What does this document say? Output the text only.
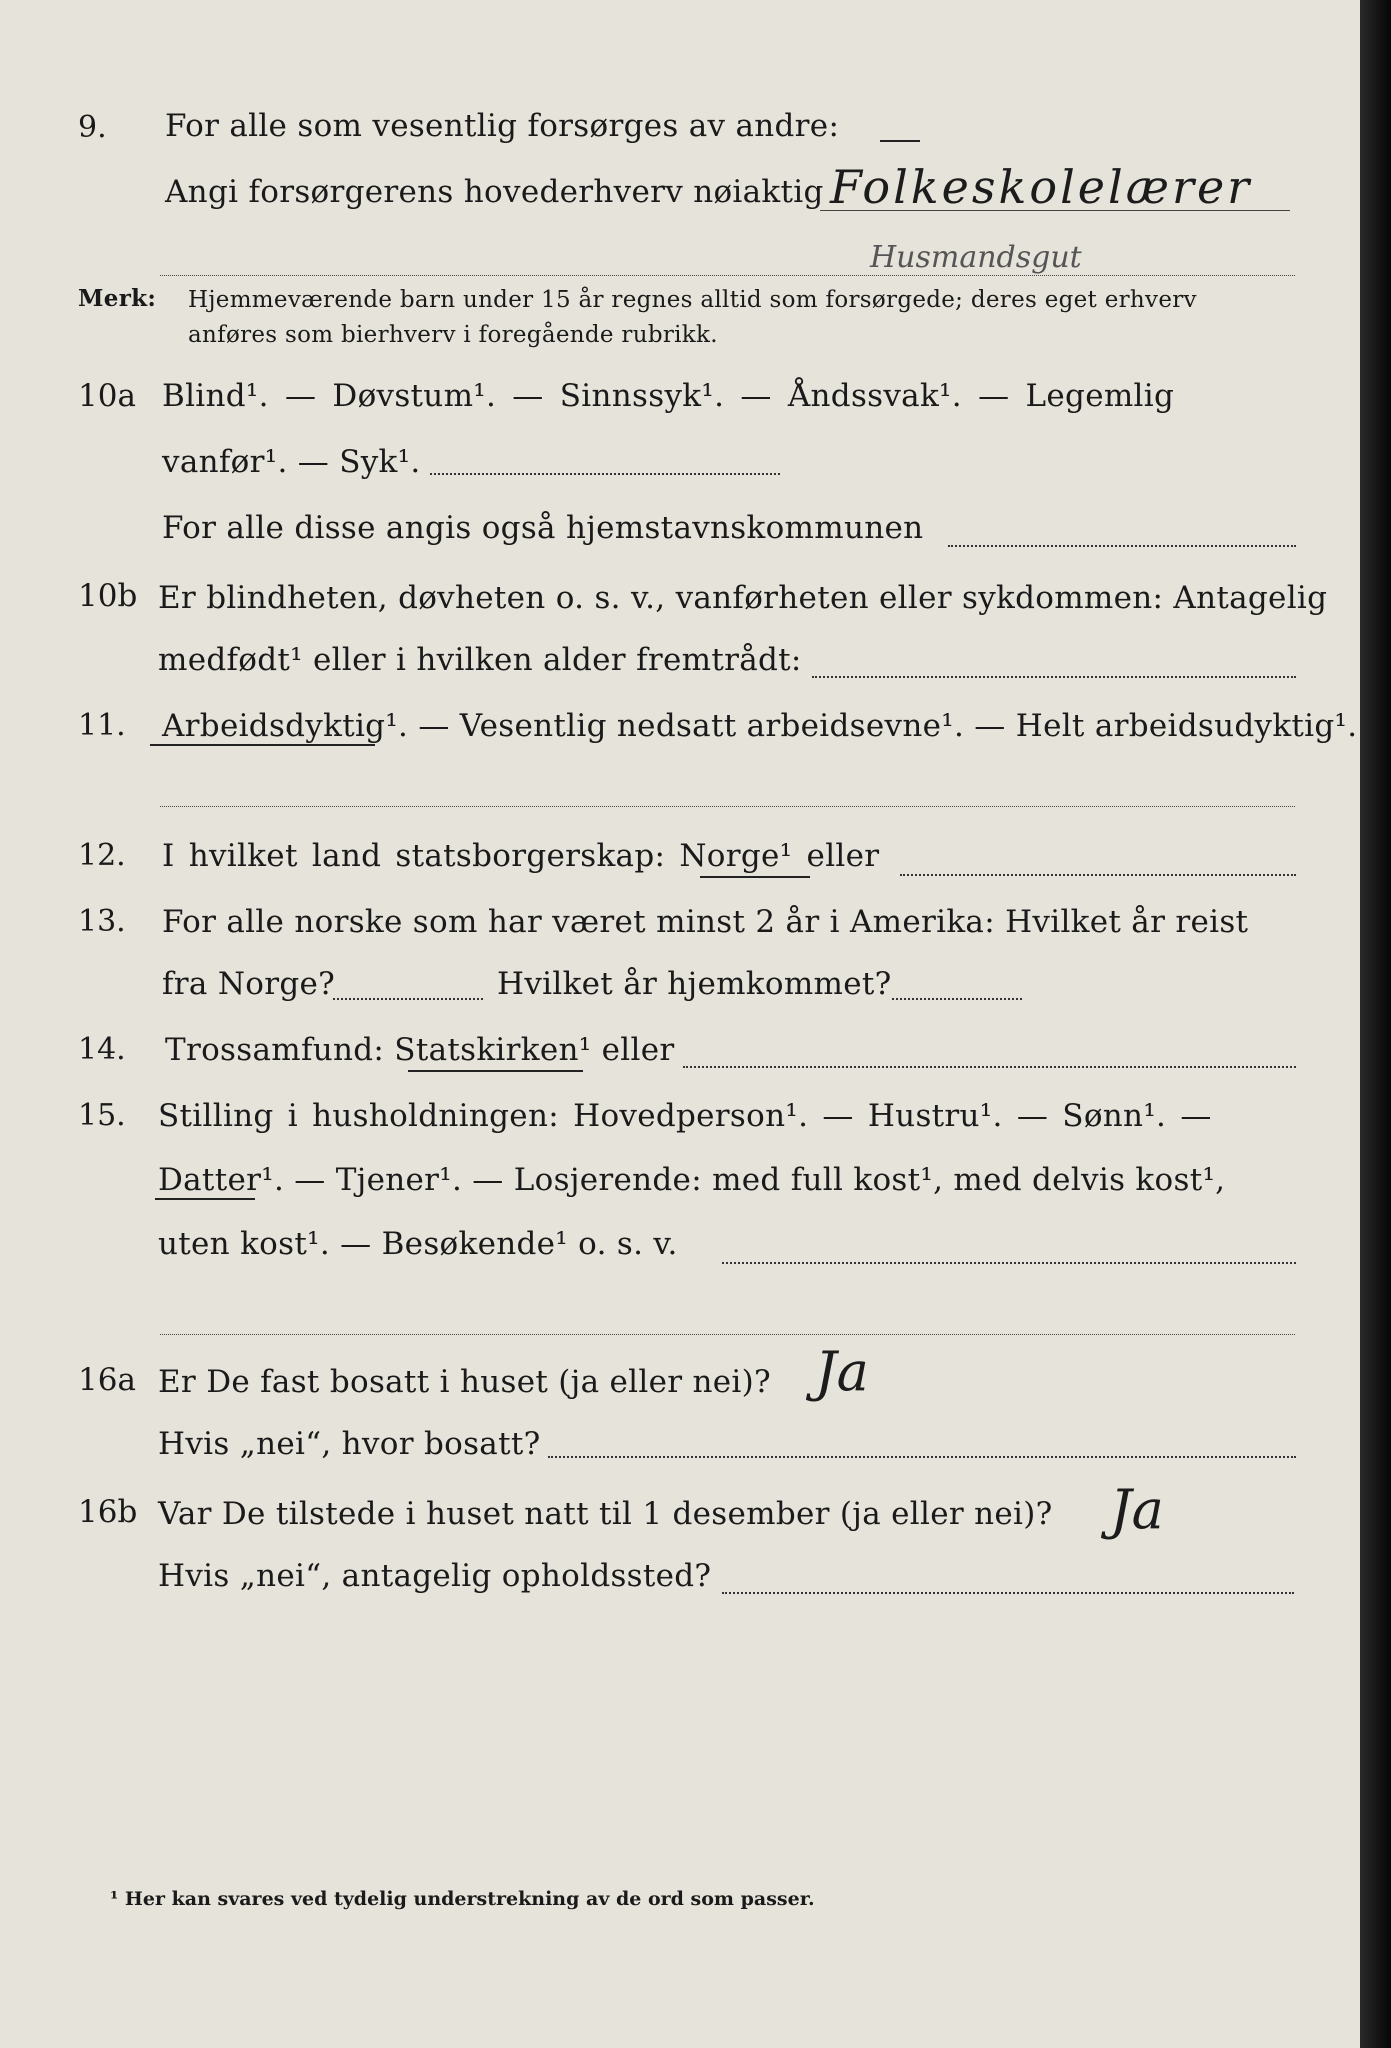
9. For alle som vesentlig forsørges av andre:
Angi forsørgerens hovederhverv nøiaktig Folkeskolelærer
Husmandsgut
Merk: Hjemmeværende barn under 15 år regnes alltid som forsørgede; deres eget erhverv
anføres som bierhverv i foregående rubrikk.
10a Blind¹. — Døvstum¹. — Sinnssyk¹. — Åndssvak¹. — Legemlig
vanfør¹. — Syk¹.
For alle disse angis også hjemstavnskommunen
10b Er blindheten, døvheten o. s. v., vanførheten eller sykdommen: Antagelig
medfødt¹ eller i hvilken alder fremtrådt:
11. Arbeidsdyktig¹. — Vesentlig nedsatt arbeidsevne¹. — Helt arbeidsudyktig¹.
12. I hvilket land statsborgerskap: Norge¹ eller
13. For alle norske som har været minst 2 år i Amerika: Hvilket år reist
fra Norge?	Hvilket år hjemkommet?
14. Trossamfund: Statskirken¹ eller
15. Stilling i husholdningen: Hovedperson¹. — Hustru¹. — Sønn¹. —
Datter¹. — Tjener¹. — Losjerende: med full kost¹, med delvis kost¹,
uten kost¹. — Besøkende¹ o. s. v.
16a Er De fast bosatt i huset (ja eller nei)? Ja
Hvis „nei“, hvor bosatt?
16b Var De tilstede i huset natt til 1 desember (ja eller nei)? Ja
Hvis „nei“, antagelig opholdssted?
¹ Her kan svares ved tydelig understrekning av de ord som passer.
